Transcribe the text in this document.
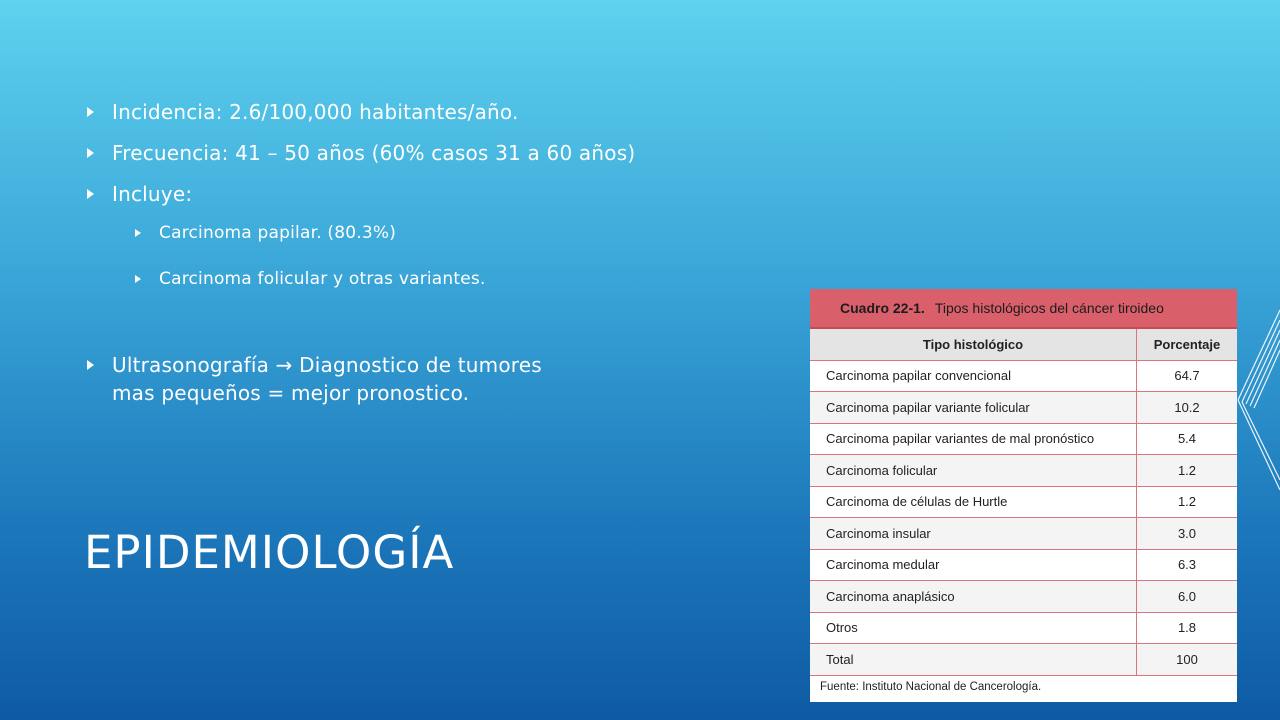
Incidencia: 2.6/100,000 habitantes/año.
Frecuencia: 41 – 50 años (60% casos 31 a 60 años)
Incluye:
Carcinoma papilar. (80.3%)
Carcinoma folicular y otras variantes.
Ultrasonografía → Diagnostico de tumores
mas pequeños = mejor pronostico.
EPIDEMIOLOGÍA
Cuadro 22-1. Tipos histológicos del cáncer tiroideo
Tipo histológico	Porcentaje
Carcinoma papilar convencional	64.7
Carcinoma papilar variante folicular	10.2
Carcinoma papilar variantes de mal pronóstico	5.4
Carcinoma folicular	1.2
Carcinoma de células de Hurtle	1.2
Carcinoma insular	3.0
Carcinoma medular	6.3
Carcinoma anaplásico	6.0
Otros	1.8
Total	100
Fuente: Instituto Nacional de Cancerología.
